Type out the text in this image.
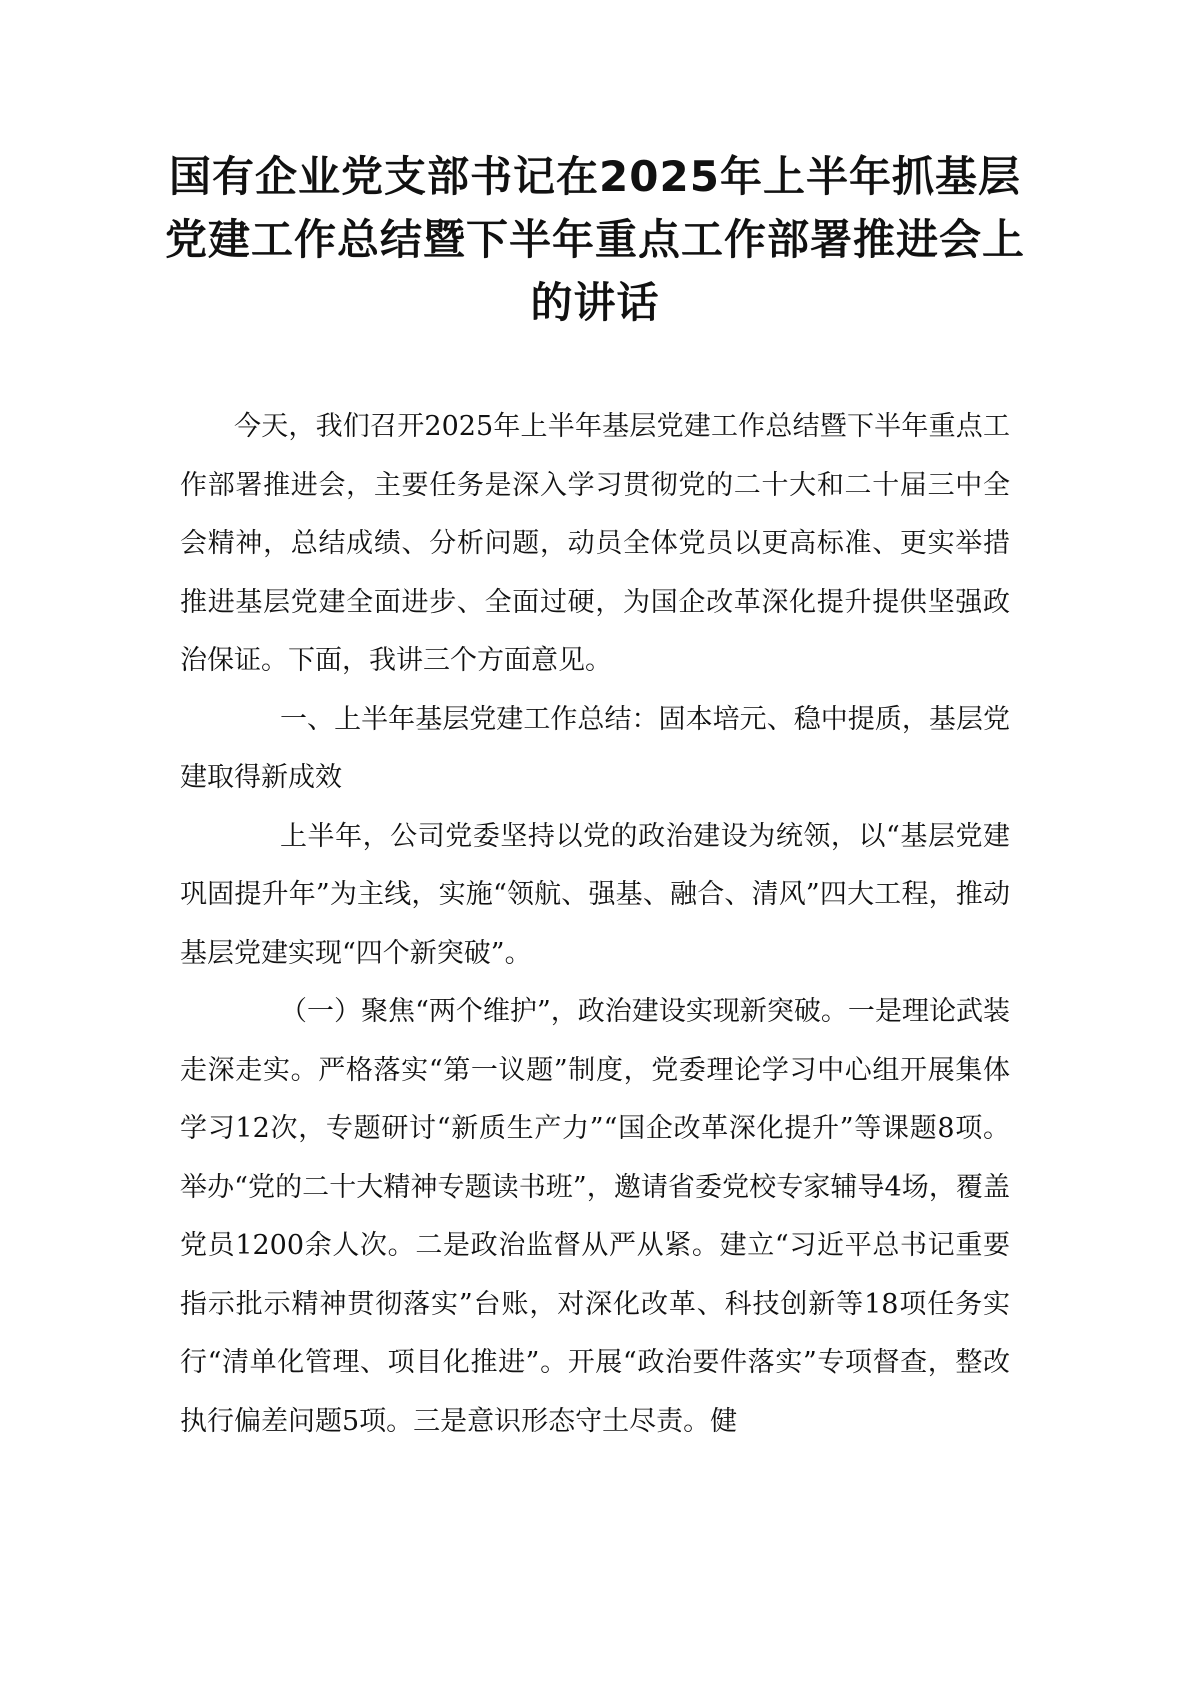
国有企业党支部书记在2025年上半年抓基层党建工作总结暨下半年重点工作部署推进会上的讲话

今天，我们召开2025年上半年基层党建工作总结暨下半年重点工作部署推进会，主要任务是深入学习贯彻党的二十大和二十届三中全会精神，总结成绩、分析问题，动员全体党员以更高标准、更实举措推进基层党建全面进步、全面过硬，为国企改革深化提升提供坚强政治保证。下面，我讲三个方面意见。

一、上半年基层党建工作总结：固本培元、稳中提质，基层党建取得新成效

上半年，公司党委坚持以党的政治建设为统领，以“基层党建巩固提升年”为主线，实施“领航、强基、融合、清风”四大工程，推动基层党建实现“四个新突破”。

（一）聚焦“两个维护”，政治建设实现新突破。一是理论武装走深走实。严格落实“第一议题”制度，党委理论学习中心组开展集体学习12次，专题研讨“新质生产力”“国企改革深化提升”等课题8项。举办“党的二十大精神专题读书班”，邀请省委党校专家辅导4场，覆盖党员1200余人次。二是政治监督从严从紧。建立“习近平总书记重要指示批示精神贯彻落实”台账，对深化改革、科技创新等18项任务实行“清单化管理、项目化推进”。开展“政治要件落实”专项督查，整改执行偏差问题5项。三是意识形态守土尽责。健
